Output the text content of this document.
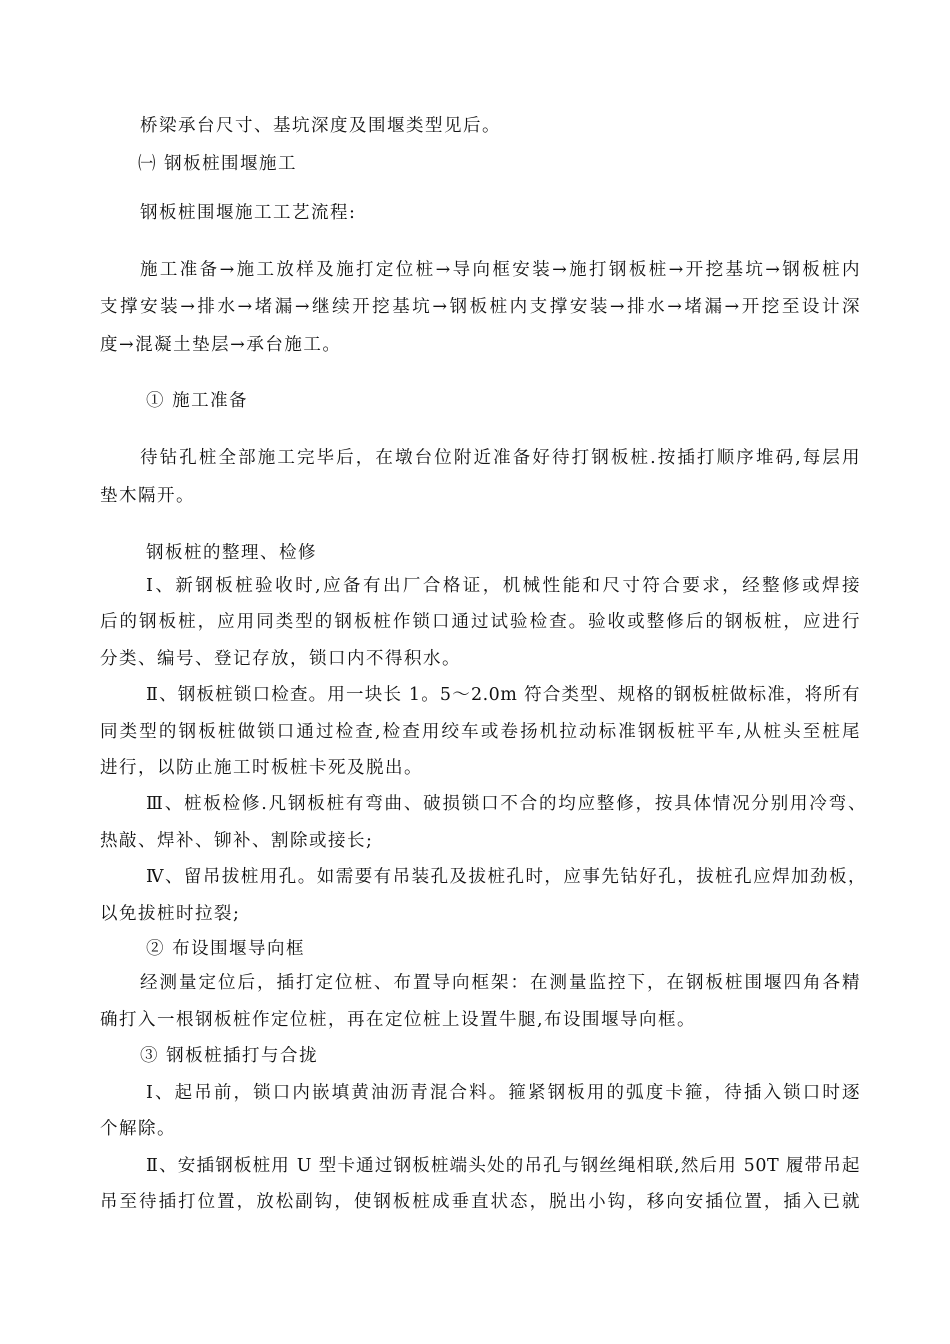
桥梁承台尺寸、基坑深度及围堰类型见后。
㈠ 钢板桩围堰施工
钢板桩围堰施工工艺流程:
施工准备→施工放样及施打定位桩→导向框安装→施打钢板桩→开挖基坑→钢板桩内
支撑安装→排水→堵漏→继续开挖基坑→钢板桩内支撑安装→排水→堵漏→开挖至设计深
度→混凝土垫层→承台施工。
① 施工准备
待钻孔桩全部施工完毕后，在墩台位附近准备好待打钢板桩.按插打顺序堆码,每层用
垫木隔开。
钢板桩的整理、检修
Ⅰ、新钢板桩验收时,应备有出厂合格证，机械性能和尺寸符合要求，经整修或焊接
后的钢板桩，应用同类型的钢板桩作锁口通过试验检查。验收或整修后的钢板桩，应进行
分类、编号、登记存放，锁口内不得积水。
Ⅱ、钢板桩锁口检查。用一块长 1。5～2.0m 符合类型、规格的钢板桩做标准，将所有
同类型的钢板桩做锁口通过检查,检查用绞车或卷扬机拉动标准钢板桩平车,从桩头至桩尾
进行，以防止施工时板桩卡死及脱出。
Ⅲ、桩板检修.凡钢板桩有弯曲、破损锁口不合的均应整修，按具体情况分别用冷弯、
热敲、焊补、铆补、割除或接长;
Ⅳ、留吊拔桩用孔。如需要有吊装孔及拔桩孔时，应事先钻好孔，拔桩孔应焊加劲板，
以免拔桩时拉裂;
② 布设围堰导向框
经测量定位后，插打定位桩、布置导向框架：在测量监控下，在钢板桩围堰四角各精
确打入一根钢板桩作定位桩，再在定位桩上设置牛腿,布设围堰导向框。
③ 钢板桩插打与合拢
Ⅰ、起吊前，锁口内嵌填黄油沥青混合料。箍紧钢板用的弧度卡箍，待插入锁口时逐
个解除。
Ⅱ、安插钢板桩用 U 型卡通过钢板桩端头处的吊孔与钢丝绳相联,然后用 50T 履带吊起
吊至待插打位置，放松副钩，使钢板桩成垂直状态，脱出小钩，移向安插位置，插入已就
